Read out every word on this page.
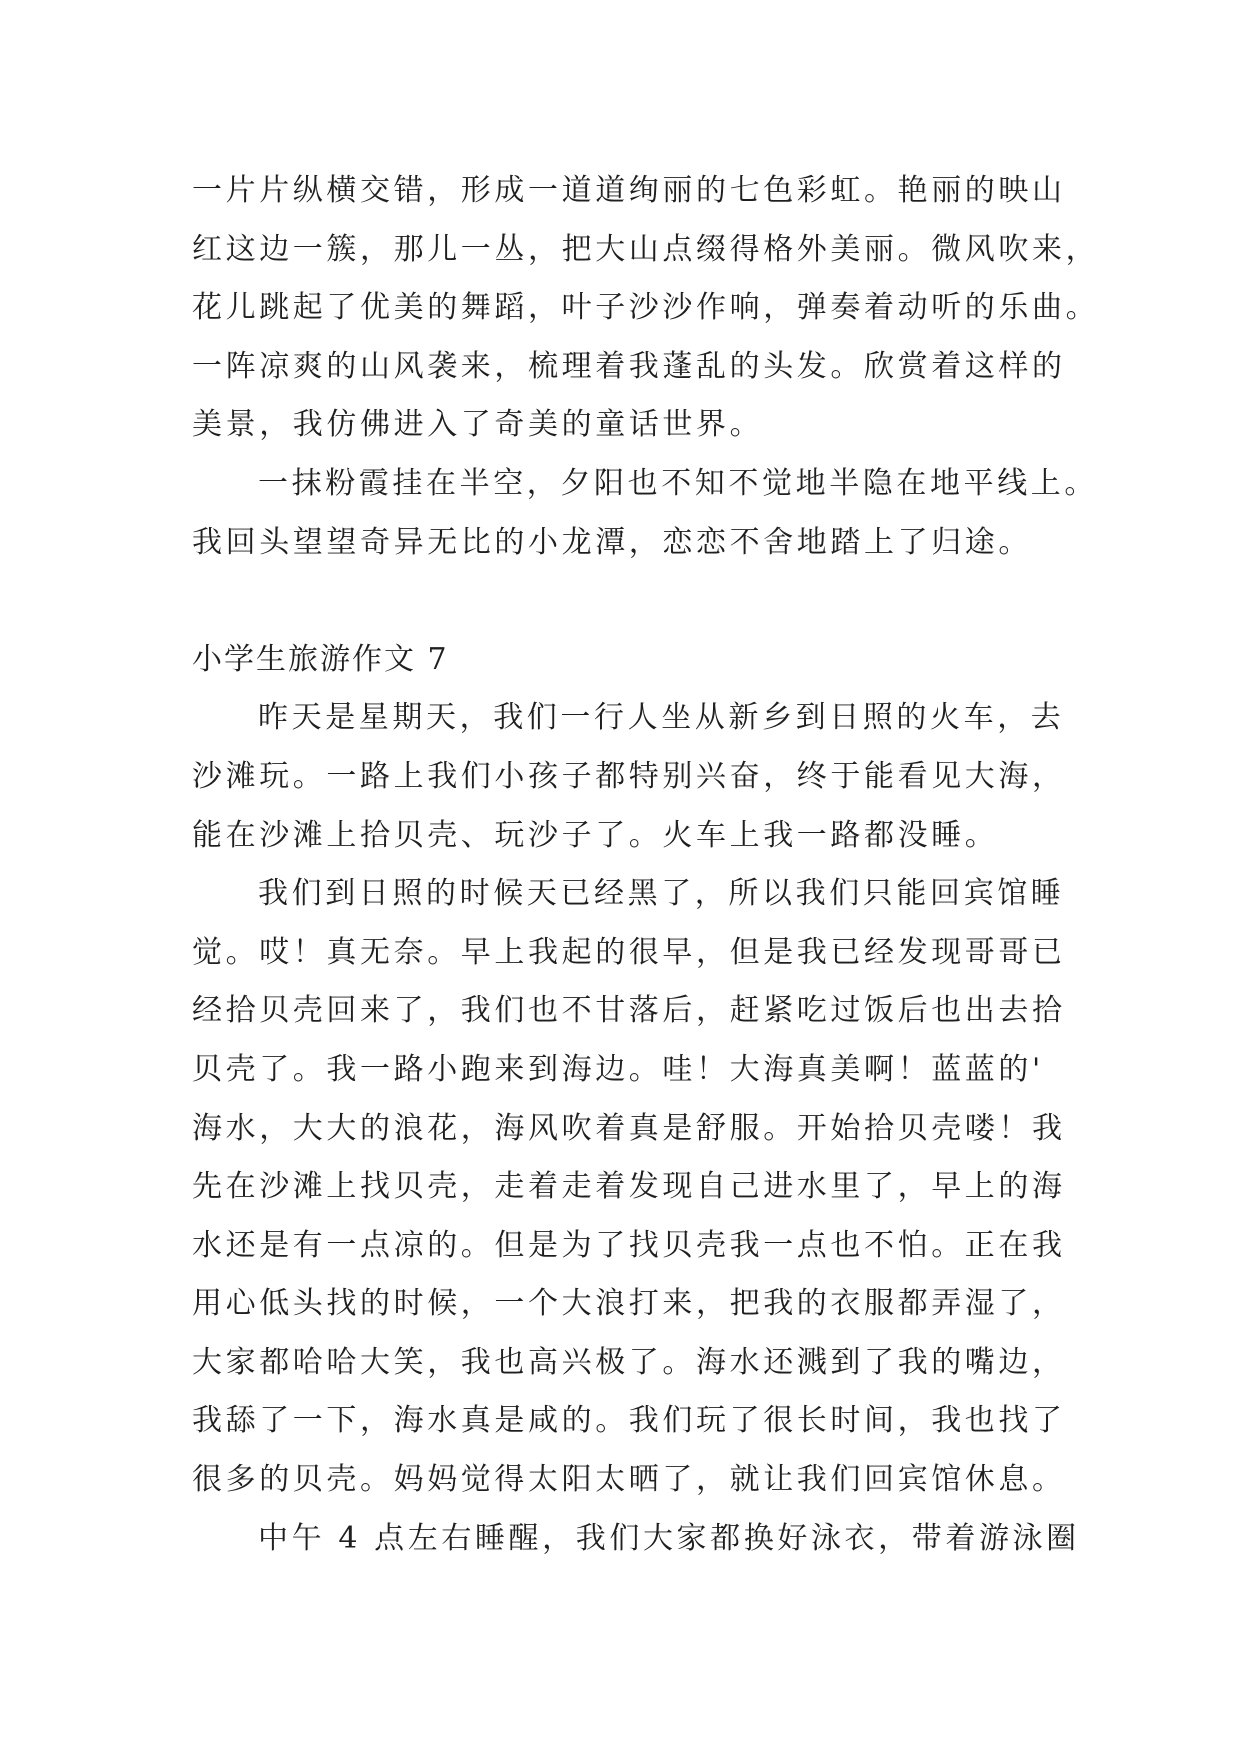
一片片纵横交错，形成一道道绚丽的七色彩虹。艳丽的映山
红这边一簇，那儿一丛，把大山点缀得格外美丽。微风吹来，
花儿跳起了优美的舞蹈，叶子沙沙作响，弹奏着动听的乐曲。
一阵凉爽的山风袭来，梳理着我蓬乱的头发。欣赏着这样的
美景，我仿佛进入了奇美的童话世界。
一抹粉霞挂在半空，夕阳也不知不觉地半隐在地平线上。
我回头望望奇异无比的小龙潭，恋恋不舍地踏上了归途。
小学生旅游作文 7
昨天是星期天，我们一行人坐从新乡到日照的火车，去
沙滩玩。一路上我们小孩子都特别兴奋，终于能看见大海，
能在沙滩上拾贝壳、玩沙子了。火车上我一路都没睡。
我们到日照的时候天已经黑了，所以我们只能回宾馆睡
觉。哎！真无奈。早上我起的很早，但是我已经发现哥哥已
经拾贝壳回来了，我们也不甘落后，赶紧吃过饭后也出去拾
贝壳了。我一路小跑来到海边。哇！大海真美啊！蓝蓝的'
海水，大大的浪花，海风吹着真是舒服。开始拾贝壳喽！我
先在沙滩上找贝壳，走着走着发现自己进水里了，早上的海
水还是有一点凉的。但是为了找贝壳我一点也不怕。正在我
用心低头找的时候，一个大浪打来，把我的衣服都弄湿了，
大家都哈哈大笑，我也高兴极了。海水还溅到了我的嘴边，
我舔了一下，海水真是咸的。我们玩了很长时间，我也找了
很多的贝壳。妈妈觉得太阳太晒了，就让我们回宾馆休息。
中午 4 点左右睡醒，我们大家都换好泳衣，带着游泳圈
